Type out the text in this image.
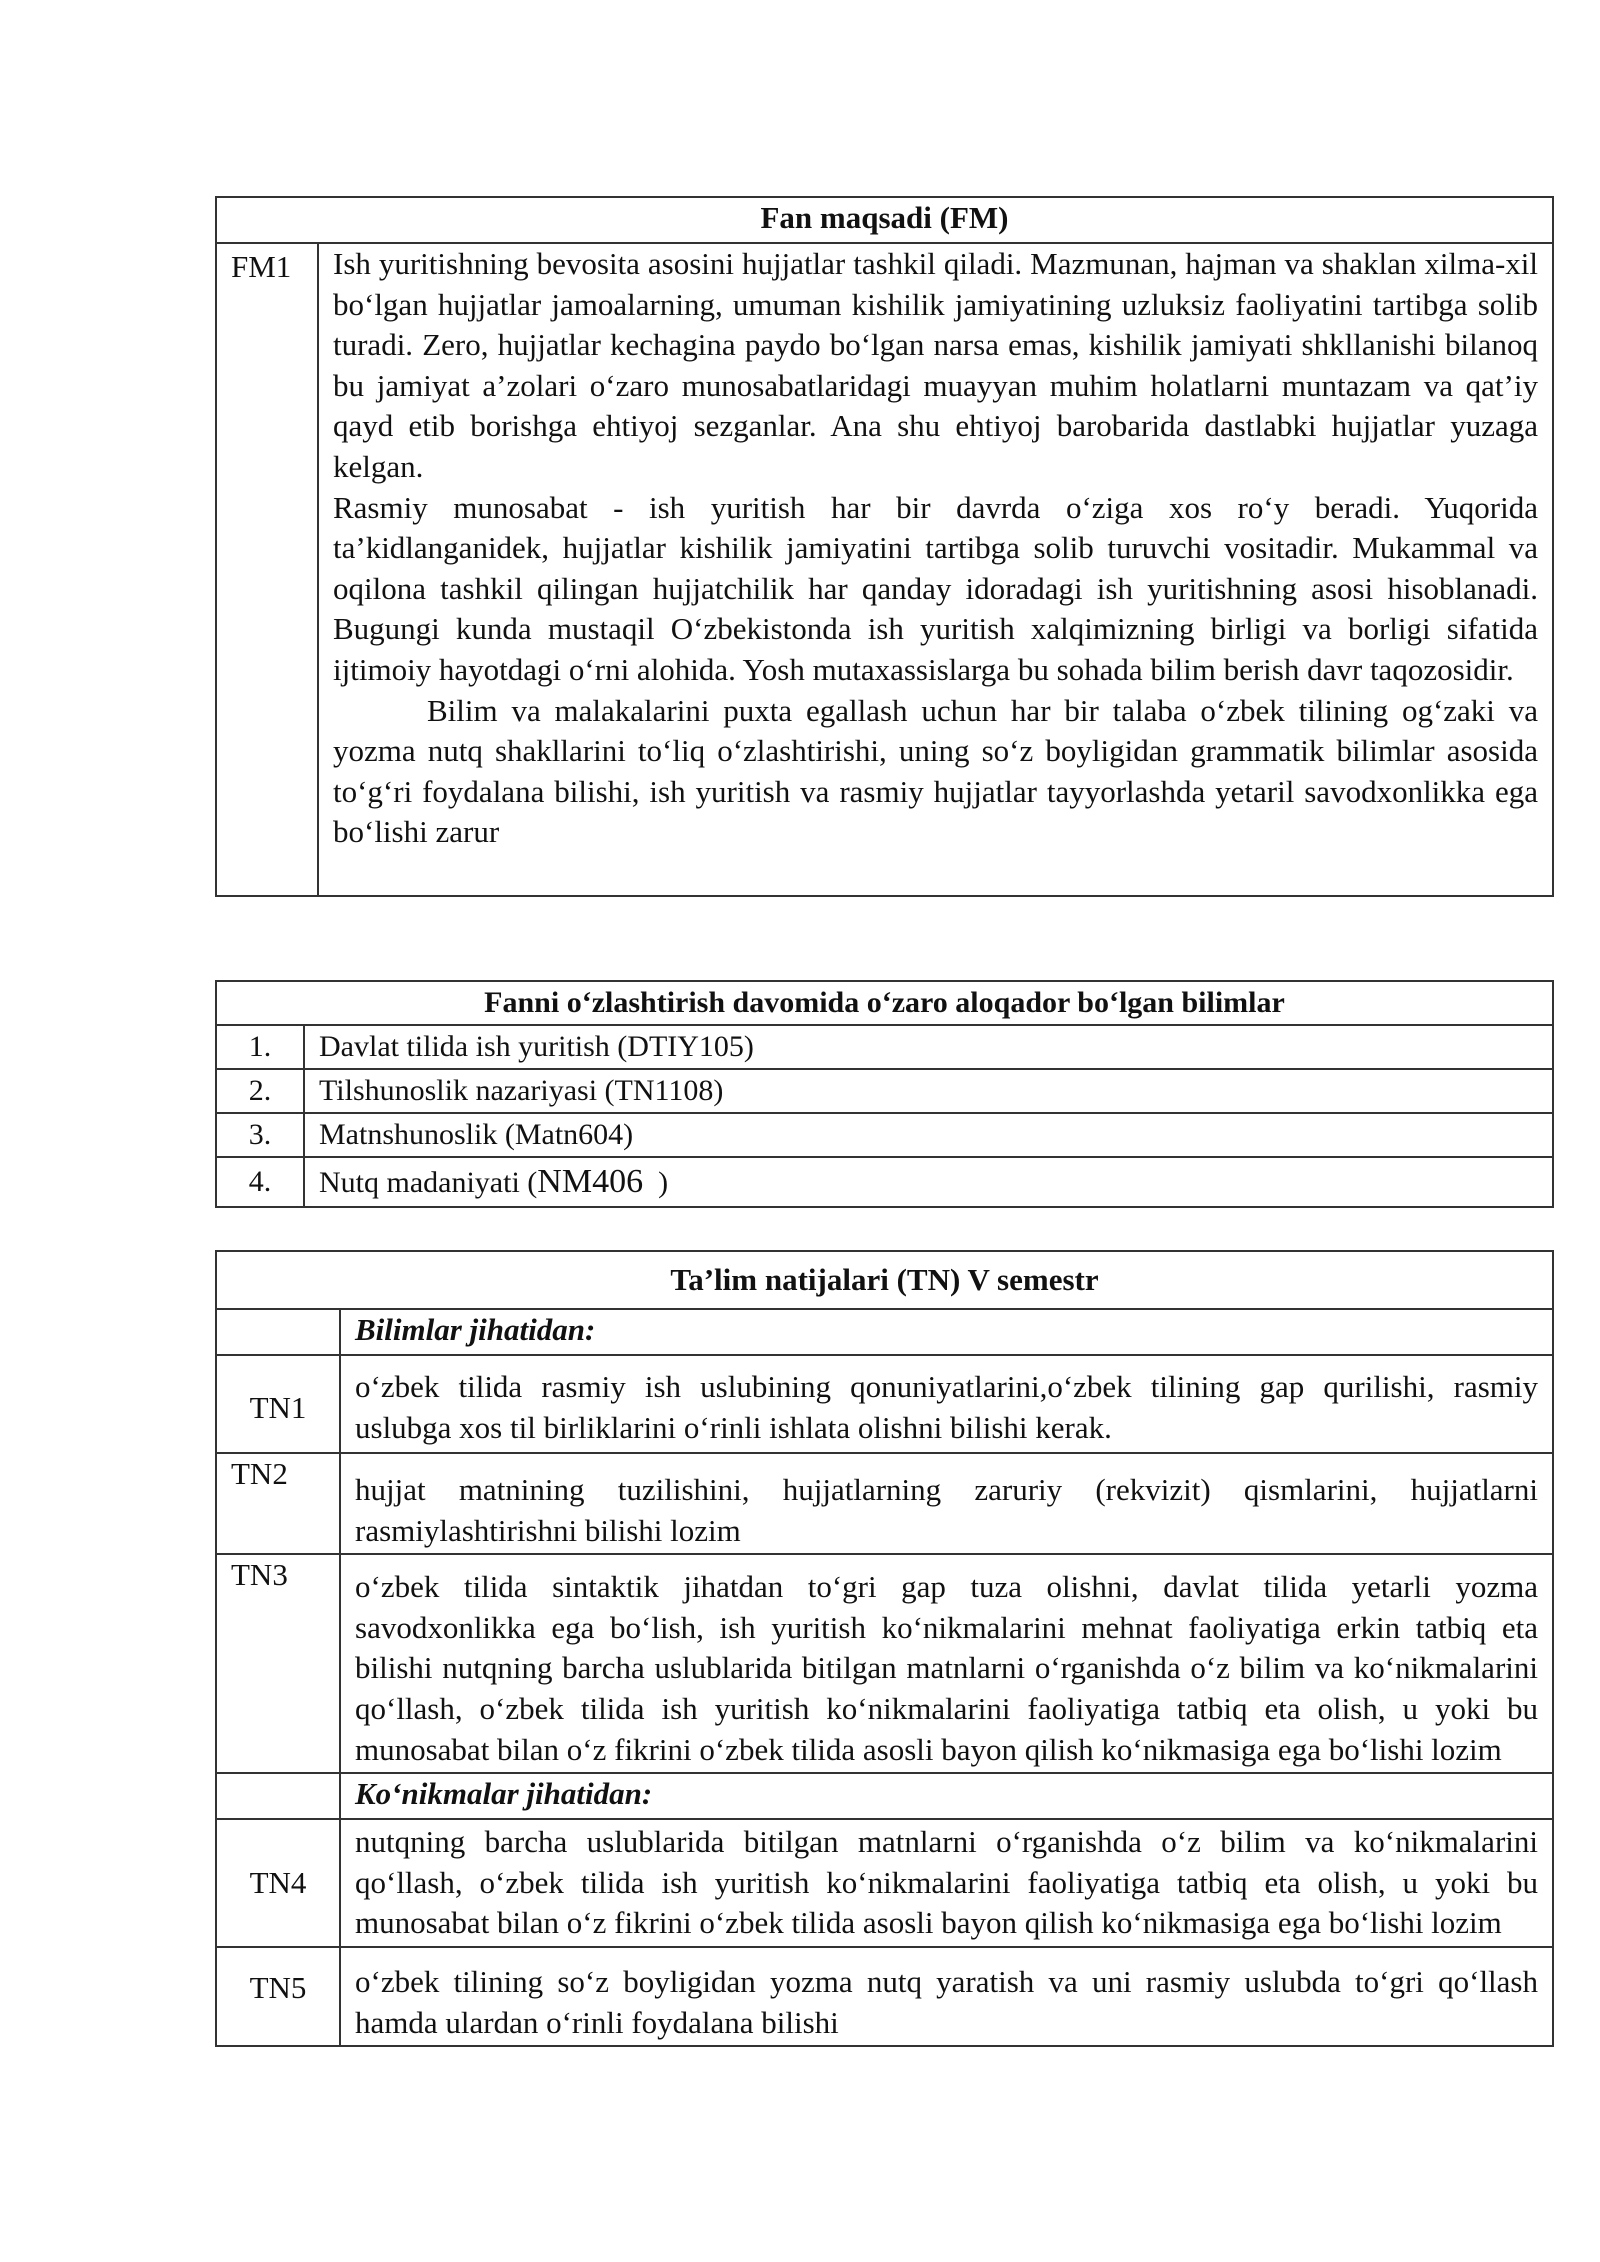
Fan maqsadi (FM)
FM1	Ish yuritishning bevosita asosini hujjatlar tashkil qiladi. Mazmunan, hajman va shaklan xilma-xil bo‘lgan hujjatlar jamoalarning, umuman kishilik jamiyatining uzluksiz faoliyatini tartibga solib turadi. Zero, hujjatlar kechagina paydo bo‘lgan narsa emas, kishilik jamiyati shkllanishi bilanoq bu jamiyat a’zolari o‘zaro munosabatlaridagi muayyan muhim holatlarni muntazam va qat’iy qayd etib borishga ehtiyoj sezganlar. Ana shu ehtiyoj barobarida dastlabki hujjatlar yuzaga kelgan.

Rasmiy munosabat - ish yuritish har bir davrda o‘ziga xos ro‘y beradi. Yuqorida ta’kidlanganidek, hujjatlar kishilik jamiyatini tartibga solib turuvchi vositadir. Mukammal va oqilona tashkil qilingan hujjatchilik har qanday idoradagi ish yuritishning asosi hisoblanadi. Bugungi kunda mustaqil O‘zbekistonda ish yuritish xalqimizning birligi va borligi sifatida ijtimoiy hayotdagi o‘rni alohida. Yosh mutaxassislarga bu sohada bilim berish davr taqozosidir.

Bilim va malakalarini puxta egallash uchun har bir talaba o‘zbek tilining og‘zaki va yozma nutq shakllarini to‘liq o‘zlashtirishi, uning so‘z boyligidan grammatik bilimlar asosida to‘g‘ri foydalana bilishi, ish yuritish va rasmiy hujjatlar tayyorlashda yetaril savodxonlikka ega bo‘lishi zarur

Fanni o‘zlashtirish davomida o‘zaro aloqador bo‘lgan bilimlar	
1.	Davlat tilida ish yuritish (DTIY105)
2.	Tilshunoslik nazariyasi (TN1108)
3.	Matnshunoslik (Matn604)
4.	Nutq madaniyati (NM406  )
Ta’lim natijalari (TN) V semestr	
	Bilimlar jihatidan:
TN1	o‘zbek tilida rasmiy ish uslubining qonuniyatlarini,o‘zbek tilining gap qurilishi, rasmiy uslubga xos til birliklarini o‘rinli ishlata olishni bilishi kerak.
TN2	hujjat matnining tuzilishini, hujjatlarning zaruriy (rekvizit) qismlarini, hujjatlarni rasmiylashtirishni bilishi lozim
TN3	o‘zbek tilida sintaktik jihatdan to‘gri gap tuza olishni, davlat tilida yetarli yozma savodxonlikka ega bo‘lish, ish yuritish ko‘nikmalarini mehnat faoliyatiga erkin tatbiq eta bilishi nutqning barcha uslublarida bitilgan matnlarni o‘rganishda o‘z bilim va ko‘nikmalarini qo‘llash, o‘zbek tilida ish yuritish ko‘nikmalarini faoliyatiga tatbiq eta olish, u yoki bu munosabat bilan o‘z fikrini o‘zbek tilida asosli bayon qilish ko‘nikmasiga ega bo‘lishi lozim
	Ko‘nikmalar jihatidan:
TN4	nutqning barcha uslublarida bitilgan matnlarni o‘rganishda o‘z bilim va ko‘nikmalarini qo‘llash, o‘zbek tilida ish yuritish ko‘nikmalarini faoliyatiga tatbiq eta olish, u yoki bu munosabat bilan o‘z fikrini o‘zbek tilida asosli bayon qilish ko‘nikmasiga ega bo‘lishi lozim
TN5	o‘zbek tilining so‘z boyligidan yozma nutq yaratish va uni rasmiy uslubda to‘gri qo‘llash hamda ulardan o‘rinli foydalana bilishi
